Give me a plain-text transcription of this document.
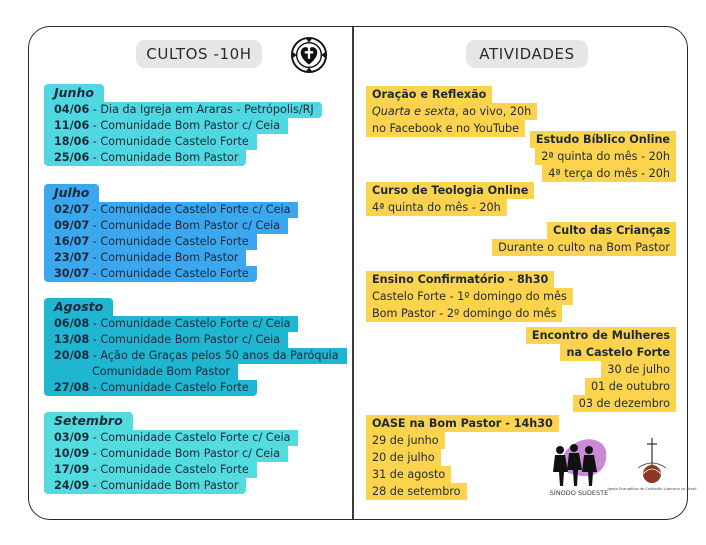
CULTOS -10H	ATIVIDADES
Junho
04/06 - Dia da Igreja em Araras - Petrópolis/RJ
11/06 - Comunidade Bom Pastor c/ Ceia
18/06 - Comunidade Castelo Forte
25/06 - Comunidade Bom Pastor
Julho
02/07 - Comunidade Castelo Forte c/ Ceia
09/07 - Comunidade Bom Pastor c/ Ceia
16/07 - Comunidade Castelo Forte
23/07 - Comunidade Bom Pastor
30/07 - Comunidade Castelo Forte
Agosto
06/08 - Comunidade Castelo Forte c/ Ceia
13/08 - Comunidade Bom Pastor c/ Ceia
20/08 - Ação de Graças pelos 50 anos da Paróquia
Comunidade Bom Pastor
27/08 - Comunidade Castelo Forte
Setembro
03/09 - Comunidade Castelo Forte c/ Ceia
10/09 - Comunidade Bom Pastor c/ Ceia
17/09 - Comunidade Castelo Forte
24/09 - Comunidade Bom Pastor
Oração e Reflexão
Quarta e sexta, ao vivo, 20h
no Facebook e no YouTube
Estudo Bíblico Online
2ª quinta do mês - 20h
4ª terça do mês - 20h
Curso de Teologia Online
4ª quinta do mês - 20h
Culto das Crianças
Durante o culto na Bom Pastor
Ensino Confirmatório - 8h30
Castelo Forte - 1º domingo do mês
Bom Pastor - 2º domingo do mês
Encontro de Mulheres
na Castelo Forte
30 de julho
01 de outubro
03 de dezembro
OASE na Bom Pastor - 14h30
29 de junho
20 de julho
31 de agosto
28 de setembro	SÍNODO SUDESTE Igreja Evangélica de Confissão Luterana no Brasil
